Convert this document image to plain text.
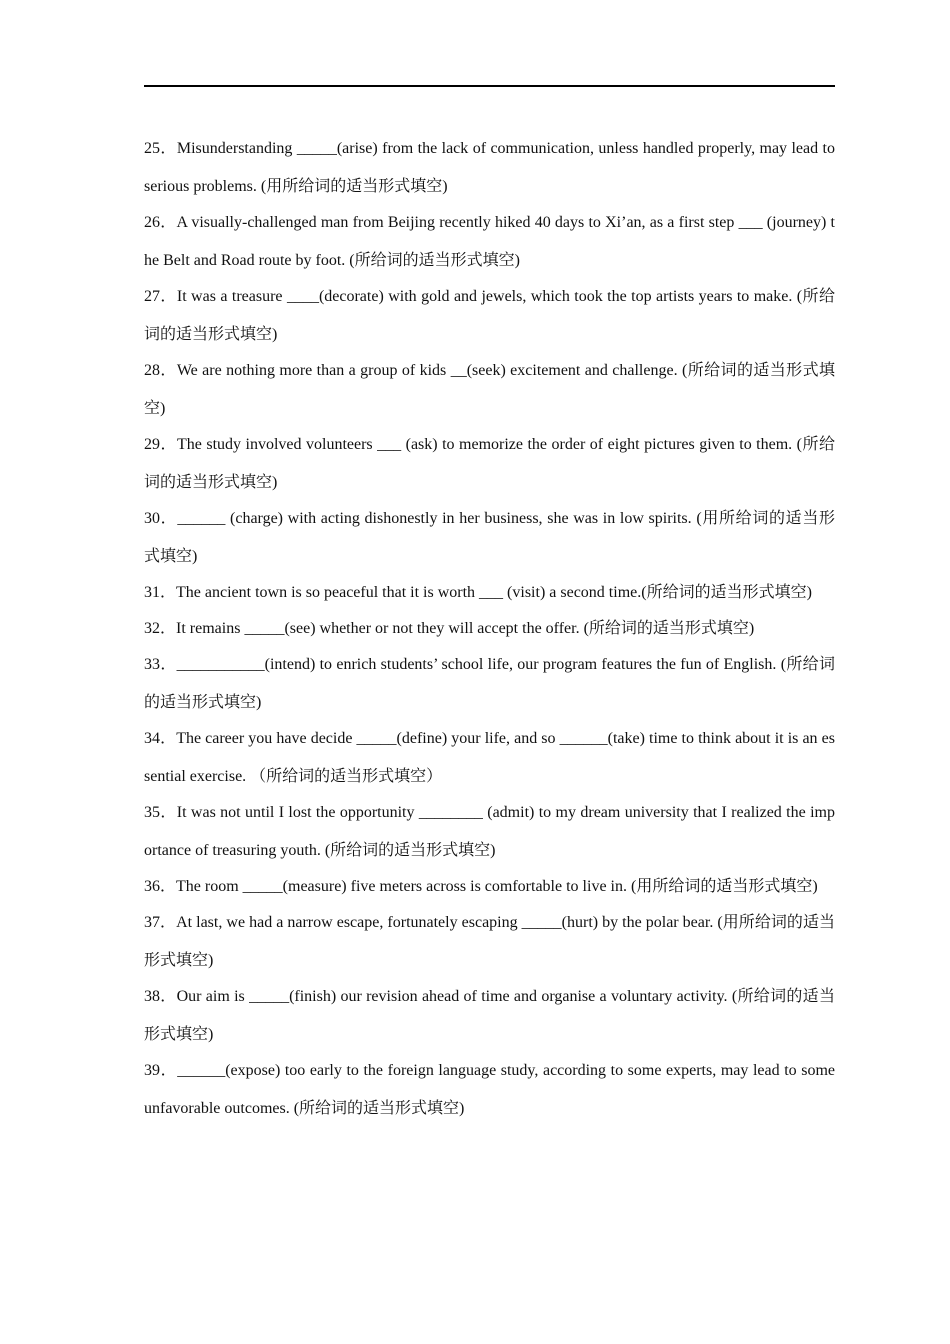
25．Misunderstanding _____(arise) from the lack of communication, unless handled properly, may lead to serious problems. (用所给词的适当形式填空)

26．A visually-challenged man from Beijing recently hiked 40 days to Xi’an, as a first step ___ (journey) the Belt and Road route by foot. (所给词的适当形式填空)

27．It was a treasure ____(decorate) with gold and jewels, which took the top artists years to make. (所给词的适当形式填空)

28．We are nothing more than a group of kids __(seek) excitement and challenge. (所给词的适当形式填空)

29．The study involved volunteers ___ (ask) to memorize the order of eight pictures given to them. (所给词的适当形式填空)

30．______ (charge) with acting dishonestly in her business, she was in low spirits. (用所给词的适当形式填空)

31．The ancient town is so peaceful that it is worth ___ (visit) a second time.(所给词的适当形式填空)

32．It remains _____(see) whether or not they will accept the offer. (所给词的适当形式填空)

33．___________(intend) to enrich students’ school life, our program features the fun of English. (所给词的适当形式填空)

34．The career you have decide _____(define) your life, and so ______(take) time to think about it is an essential exercise. （所给词的适当形式填空）

35．It was not until I lost the opportunity ________ (admit) to my dream university that I realized the importance of treasuring youth. (所给词的适当形式填空)

36．The room _____(measure) five meters across is comfortable to live in. (用所给词的适当形式填空)

37．At last, we had a narrow escape, fortunately escaping _____(hurt) by the polar bear. (用所给词的适当形式填空)

38．Our aim is _____(finish) our revision ahead of time and organise a voluntary activity. (所给词的适当形式填空)

39．______(expose) too early to the foreign language study, according to some experts, may lead to some unfavorable outcomes. (所给词的适当形式填空)
